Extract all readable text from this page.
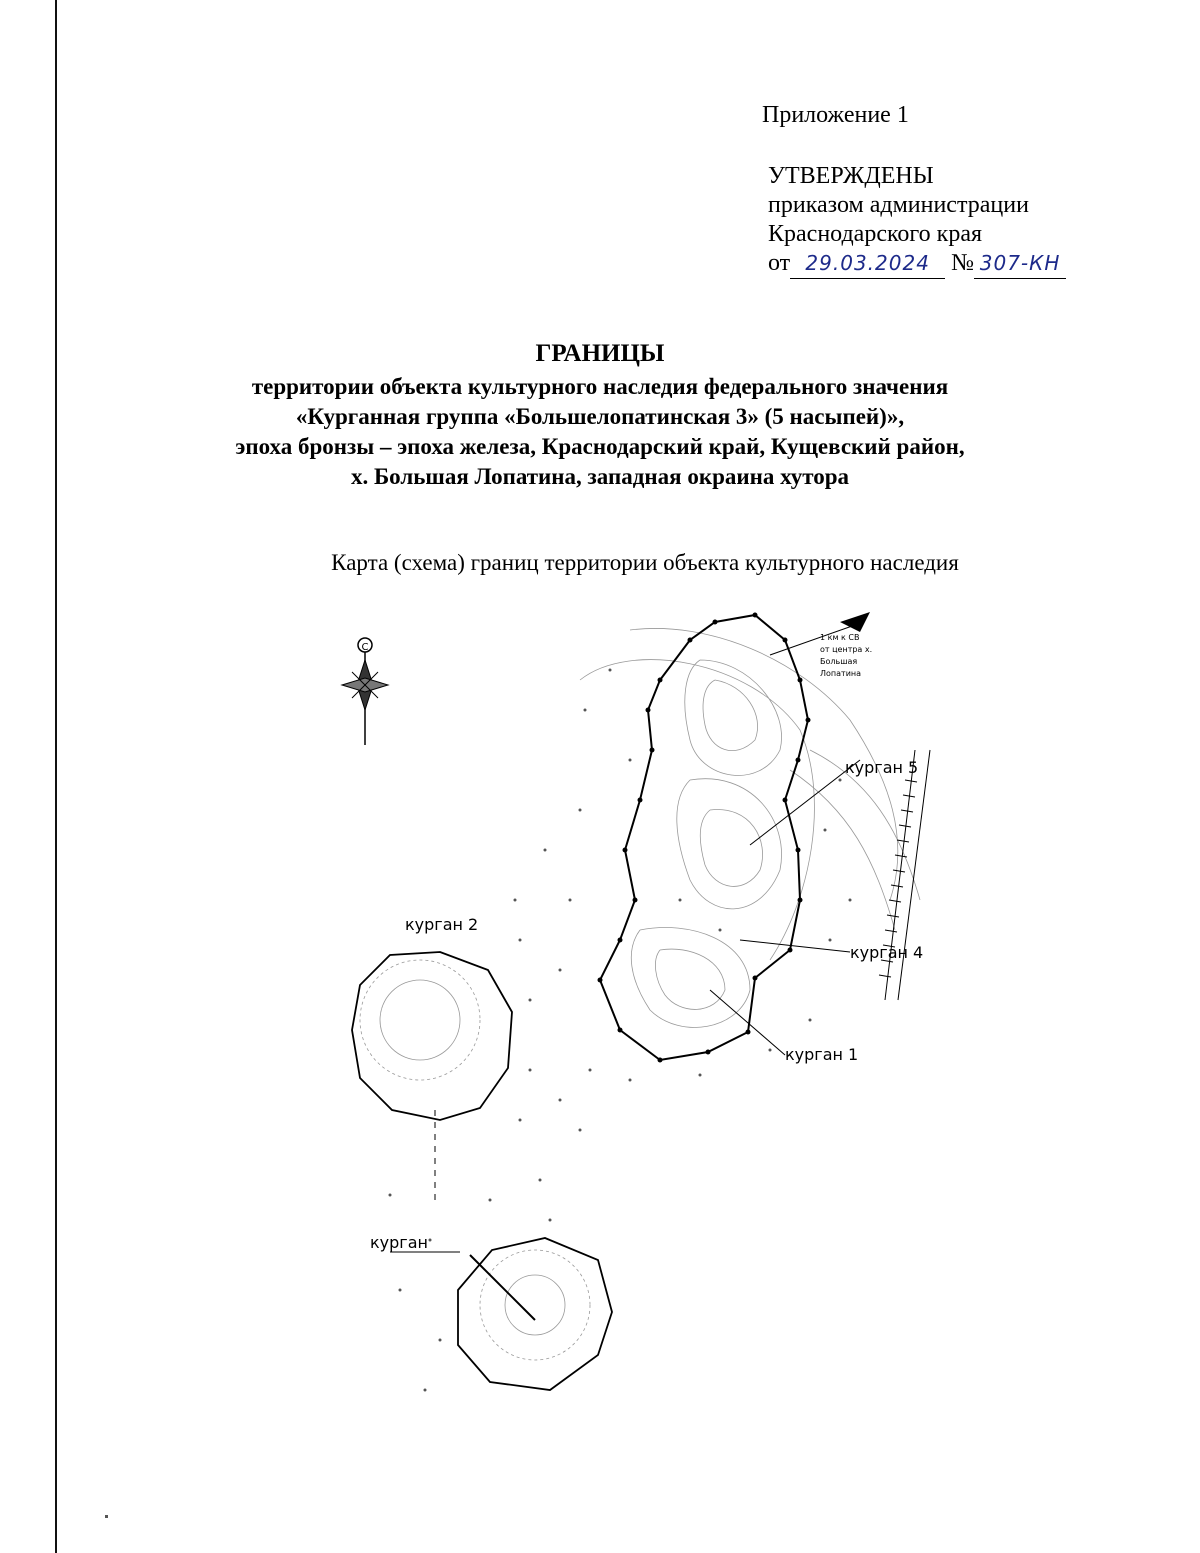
Приложение 1
УТВЕРЖДЕНЫ
приказом администрации
Краснодарского края
от 29.03.2024 № 307-КН
ГРАНИЦЫ
территории объекта культурного наследия федерального значения
«Курганная группа «Большелопатинская 3» (5 насыпей)»,
эпоха бронзы – эпоха железа, Краснодарский край, Кущевский район,
х. Большая Лопатина, западная окраина хутора
Карта (схема) границ территории объекта культурного наследия
С
1 км к СВ
от центра х.
Большая
Лопатина
курган 5
курган 2
курган 4
курган 1
курган
